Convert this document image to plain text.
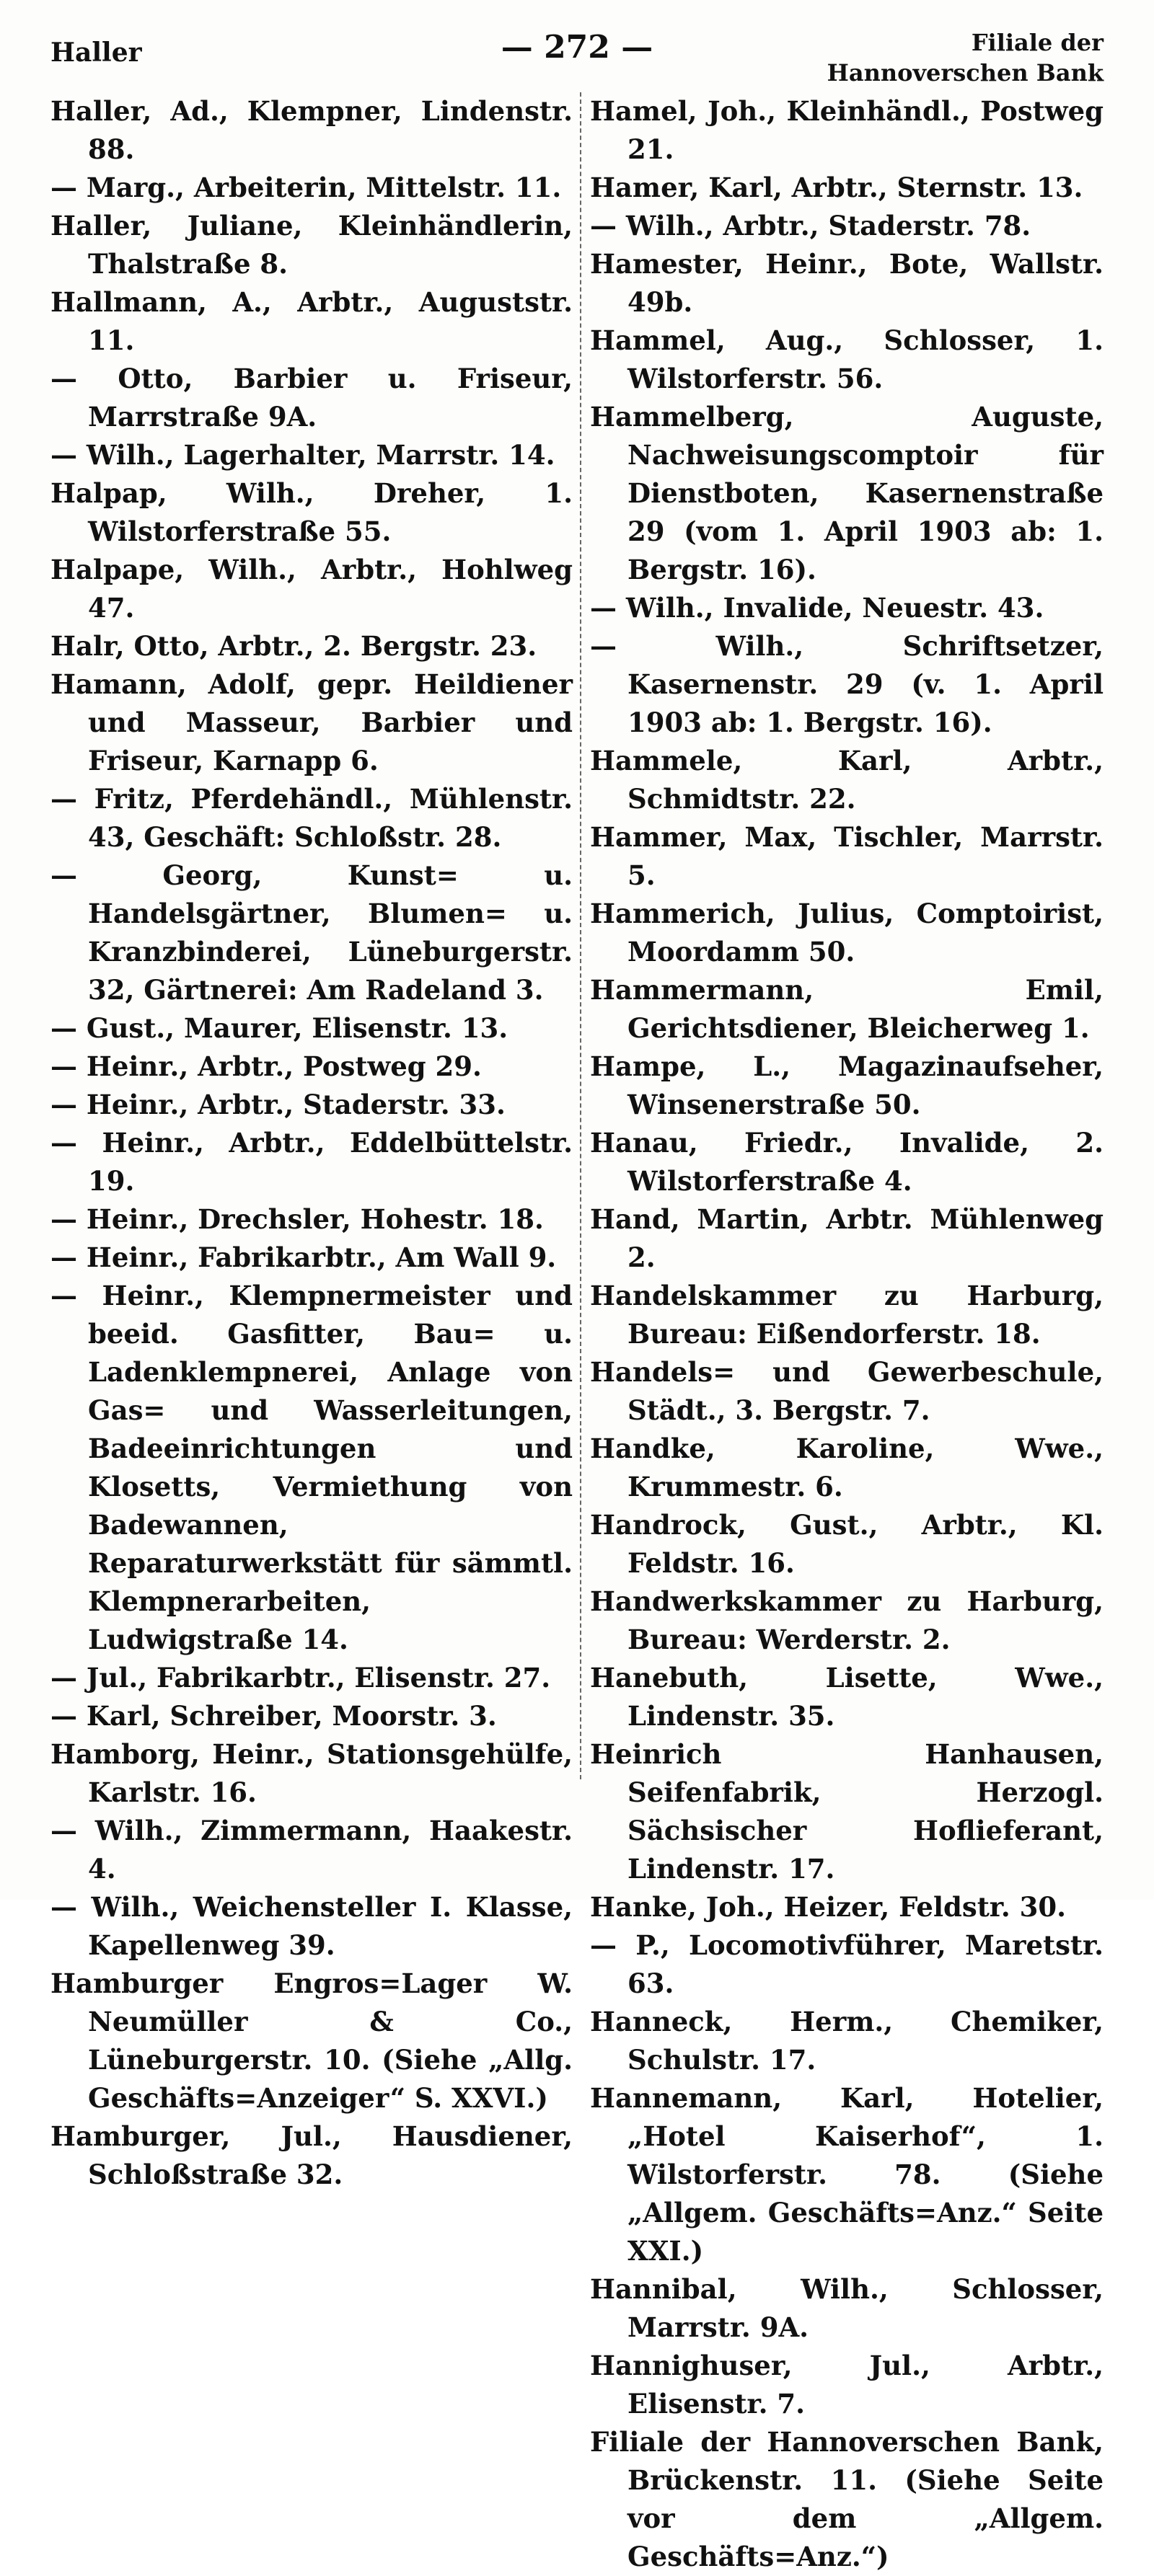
Haller	— 272 —	Filiale der
Hannoverschen Bank
Haller, Ad., Klempner, Lindenstr. 88.
— Marg., Arbeiterin, Mittelstr. 11.
Haller, Juliane, Kleinhändlerin, Thalstraße 8.
Hallmann, A., Arbtr., Auguststr. 11.
— Otto, Barbier u. Friseur, Marrstraße 9A.
— Wilh., Lagerhalter, Marrstr. 14.
Halpap, Wilh., Dreher, 1. Wilstorferstraße 55.
Halpape, Wilh., Arbtr., Hohlweg 47.
Halr, Otto, Arbtr., 2. Bergstr. 23.
Hamann, Adolf, gepr. Heildiener und Masseur, Barbier und Friseur, Karnapp 6.
— Fritz, Pferdehändl., Mühlenstr. 43, Geschäft: Schloßstr. 28.
— Georg, Kunst= u. Handelsgärtner, Blumen= u. Kranzbinderei, Lüneburgerstr. 32, Gärtnerei: Am Radeland 3.
— Gust., Maurer, Elisenstr. 13.
— Heinr., Arbtr., Postweg 29.
— Heinr., Arbtr., Staderstr. 33.
— Heinr., Arbtr., Eddelbüttelstr. 19.
— Heinr., Drechsler, Hohestr. 18.
— Heinr., Fabrikarbtr., Am Wall 9.
— Heinr., Klempnermeister und beeid. Gasfitter, Bau= u. Ladenklempnerei, Anlage von Gas= und Wasserleitungen, Badeeinrichtungen und Klosetts, Vermiethung von Badewannen, Reparaturwerkstätt für sämmtl. Klempnerarbeiten, Ludwigstraße 14.
— Jul., Fabrikarbtr., Elisenstr. 27.
— Karl, Schreiber, Moorstr. 3.
Hamborg, Heinr., Stationsgehülfe, Karlstr. 16.
— Wilh., Zimmermann, Haakestr. 4.
— Wilh., Weichensteller I. Klasse, Kapellenweg 39.
Hamburger Engros=Lager W. Neumüller & Co., Lüneburgerstr. 10. (Siehe „Allg. Geschäfts=Anzeiger“ S. XXVI.)
Hamburger, Jul., Hausdiener, Schloßstraße 32.
Hamel, Joh., Kleinhändl., Postweg 21.
Hamer, Karl, Arbtr., Sternstr. 13.
— Wilh., Arbtr., Staderstr. 78.
Hamester, Heinr., Bote, Wallstr. 49b.
Hammel, Aug., Schlosser, 1. Wilstorferstr. 56.
Hammelberg, Auguste, Nachweisungscomptoir für Dienstboten, Kasernenstraße 29 (vom 1. April 1903 ab: 1. Bergstr. 16).
— Wilh., Invalide, Neuestr. 43.
— Wilh., Schriftsetzer, Kasernenstr. 29 (v. 1. April 1903 ab: 1. Bergstr. 16).
Hammele, Karl, Arbtr., Schmidtstr. 22.
Hammer, Max, Tischler, Marrstr. 5.
Hammerich, Julius, Comptoirist, Moordamm 50.
Hammermann, Emil, Gerichtsdiener, Bleicherweg 1.
Hampe, L., Magazinaufseher, Winsenerstraße 50.
Hanau, Friedr., Invalide, 2. Wilstorferstraße 4.
Hand, Martin, Arbtr. Mühlenweg 2.
Handelskammer zu Harburg, Bureau: Eißendorferstr. 18.
Handels= und Gewerbeschule, Städt., 3. Bergstr. 7.
Handke, Karoline, Wwe., Krummestr. 6.
Handrock, Gust., Arbtr., Kl. Feldstr. 16.
Handwerkskammer zu Harburg, Bureau: Werderstr. 2.
Hanebuth, Lisette, Wwe., Lindenstr. 35.
Heinrich Hanhausen, Seifenfabrik, Herzogl. Sächsischer Hoflieferant, Lindenstr. 17.
Hanke, Joh., Heizer, Feldstr. 30.
— P., Locomotivführer, Maretstr. 63.
Hanneck, Herm., Chemiker, Schulstr. 17.
Hannemann, Karl, Hotelier, „Hotel Kaiserhof“, 1. Wilstorferstr. 78. (Siehe „Allgem. Geschäfts=Anz.“ Seite XXI.)
Hannibal, Wilh., Schlosser, Marrstr. 9A.
Hannighuser, Jul., Arbtr., Elisenstr. 7.
Filiale der Hannoverschen Bank, Brückenstr. 11. (Siehe Seite vor dem „Allgem. Geschäfts=Anz.“)
